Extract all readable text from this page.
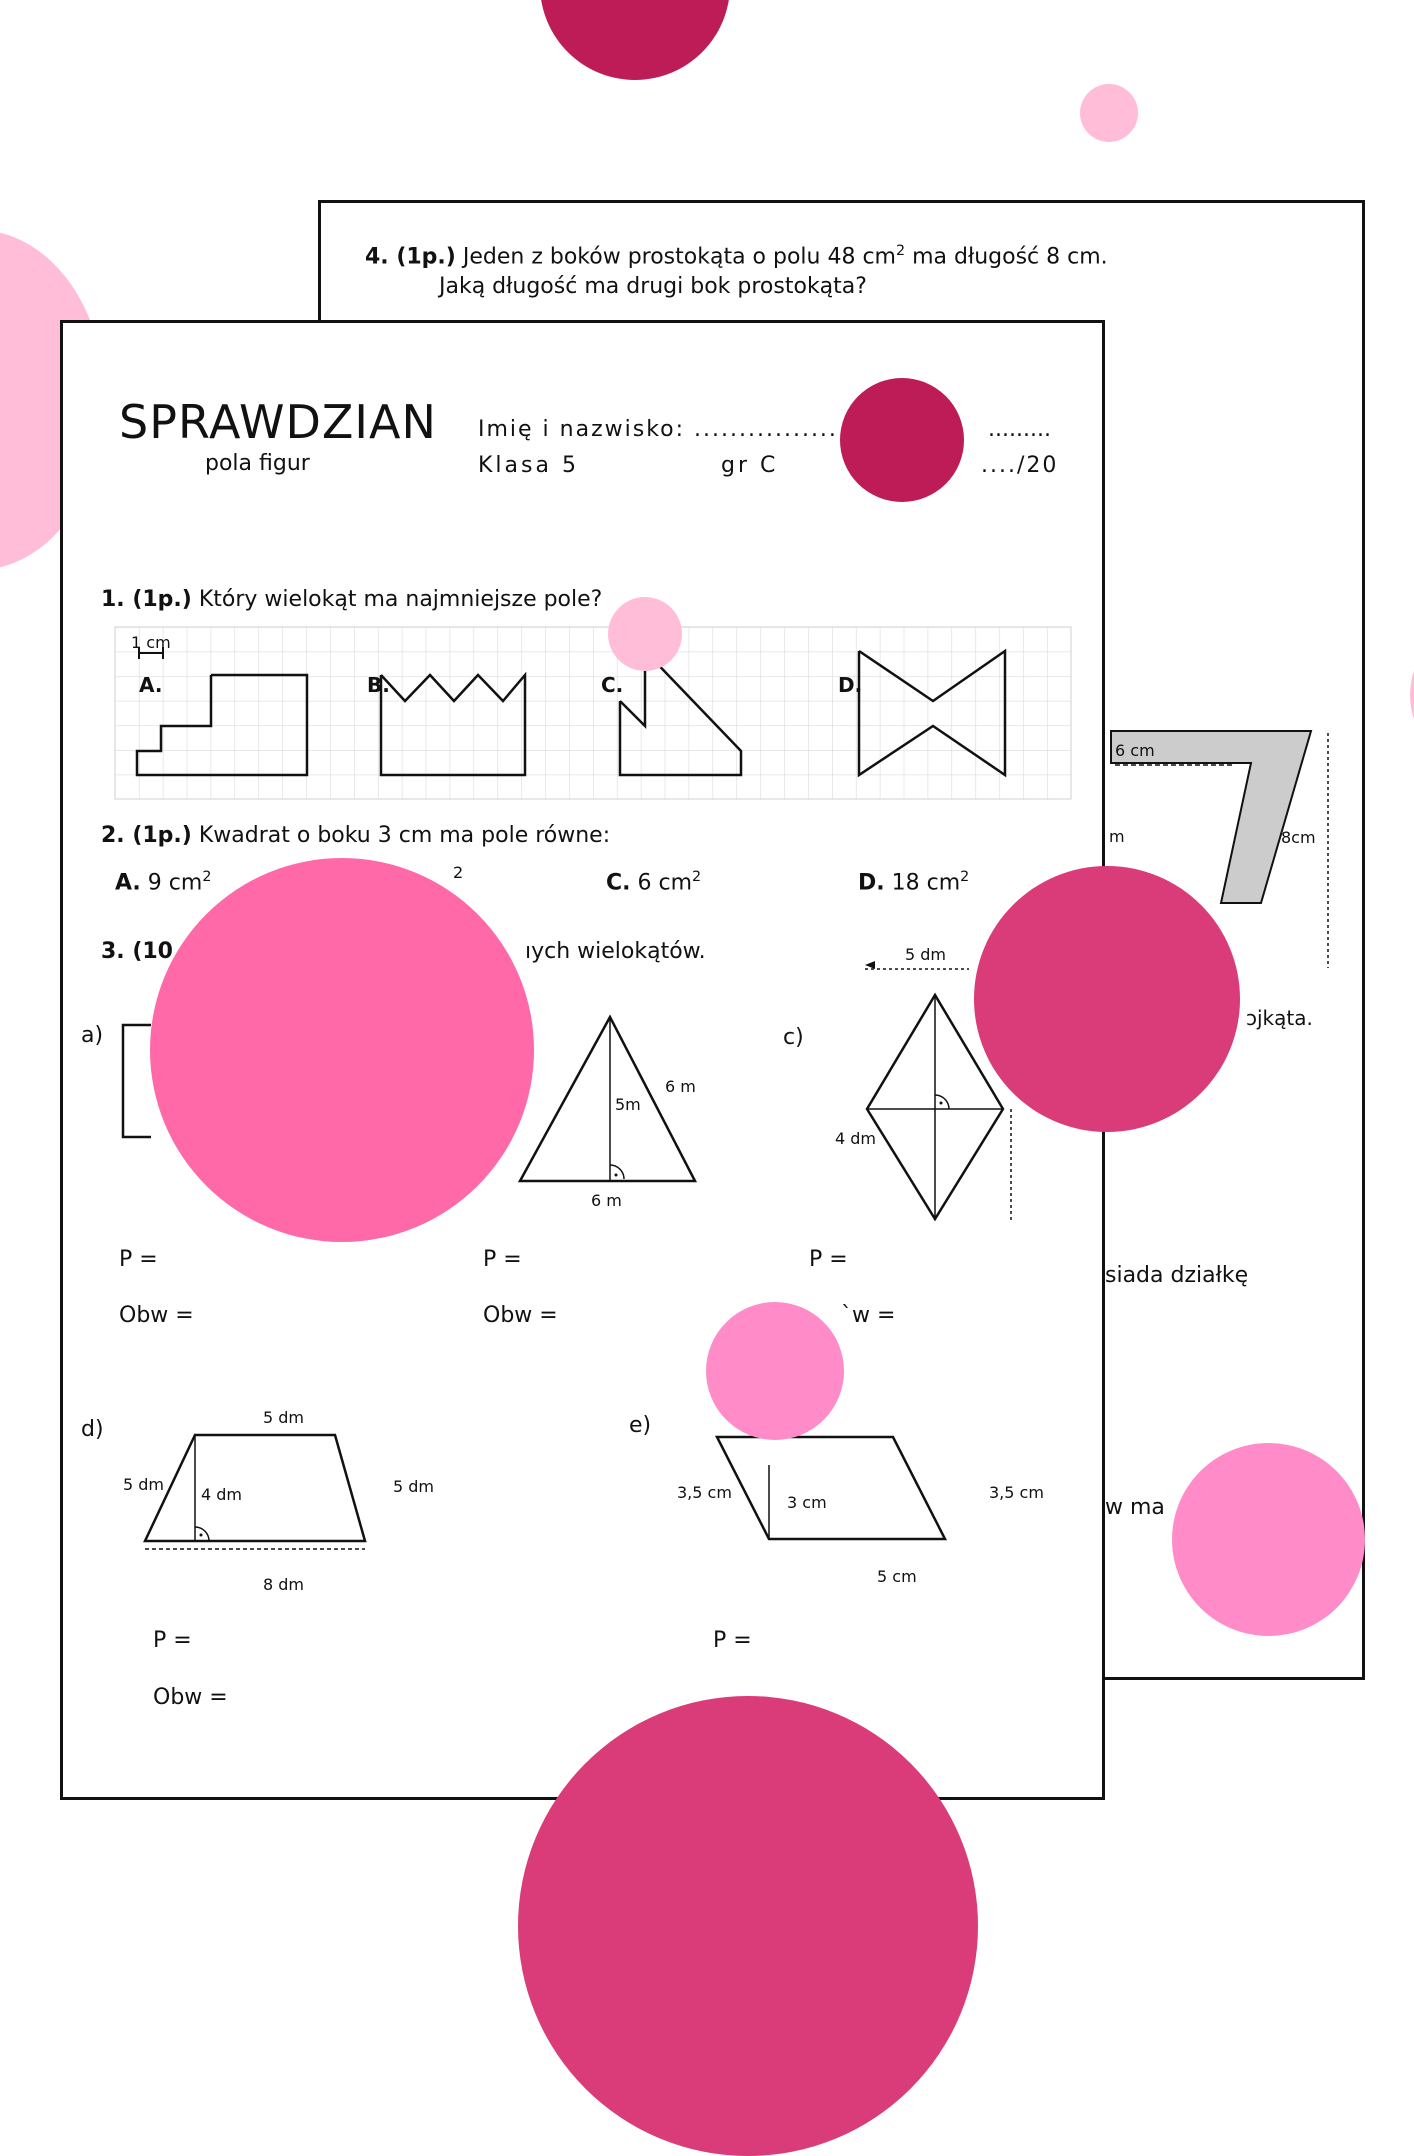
4. (1p.) Jeden z boków prostokąta o polu 48 $cm^2$ ma długość 8 cm.
Jaką długość ma drugi bok prostokąta?
6 cm
8cm
m
ɔjkąta.
siada działkę
w ma
SPRAWDZIAN
pola figur
Imię i nazwisko: ................	.........
Klasa 5	gr C	..../20
1. (1p.) Który wielokąt ma najmniejsze pole?
1 cm
A.	B.	C.	D.
2. (1p.) Kwadrat o boku 3 cm ma pole równe:
A. 9 $cm^2$	2	C. 6 $cm^2$	D. 18 $cm^2$
3. (10	ıych wielokątów.
a)	c)
5m
6 m
6 m
5 dm
4 dm
P =
Obw =
P =
Obw =
P =
`w =
d)	5 dm
5 dm
4 dm	5 dm
8 dm
e)
3,5 cm
3 cm
3,5 cm
5 cm
P =
Obw =
P =
